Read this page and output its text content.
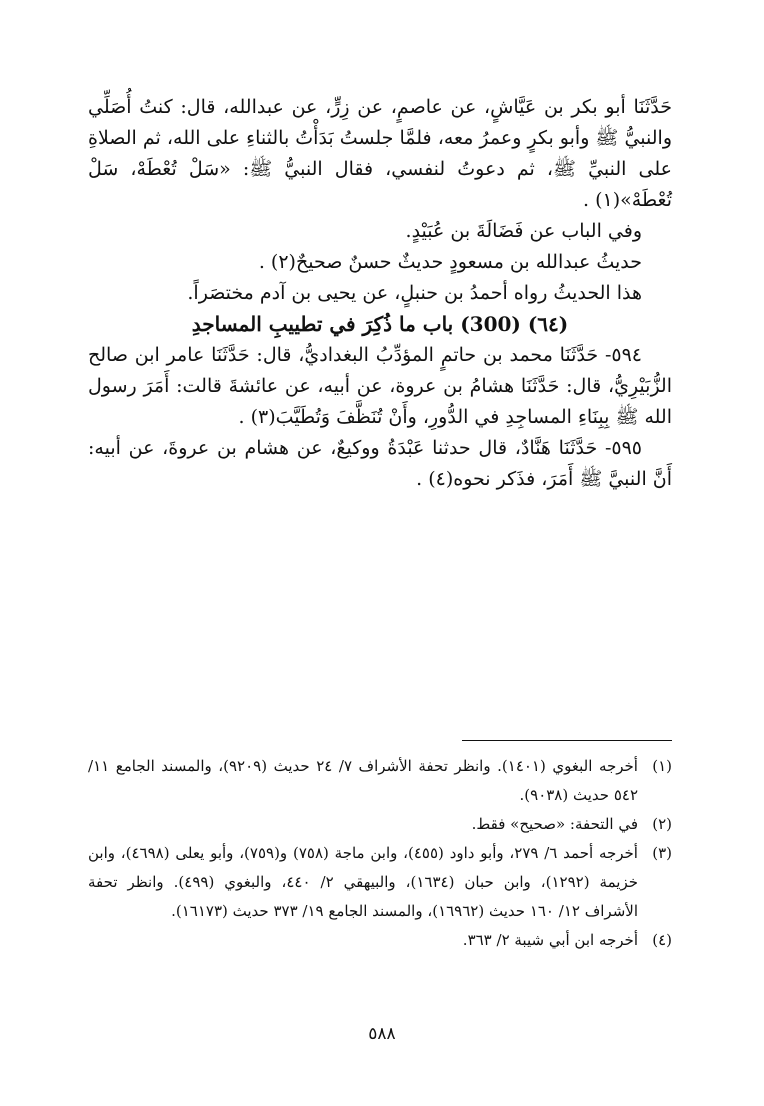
حَدَّثَنَا أبو بكر بن عَيَّاشٍ، عن عاصمٍ، عن زِرٍّ، عن عبدالله، قال: كنتُ أُصَلِّي والنبيُّ ﷺ وأبو بكرٍ وعمرُ معه، فلمَّا جلستُ بَدَأْتُ بالثناءِ على الله، ثم الصلاةِ على النبيِّ ﷺ، ثم دعوتُ لنفسي، فقال النبيُّ ﷺ: «سَلْ تُعْطَهْ، سَلْ تُعْطَهْ»(١) .

وفي الباب عن فَضَالَةَ بن عُبَيْدٍ.

حديثُ عبدالله بن مسعودٍ حديثٌ حسنٌ صحيحٌ(٢) .

هذا الحديثُ رواه أحمدُ بن حنبلٍ، عن يحيى بن آدم مختصَراً.

(٦٤) (300) باب ما ذُكِرَ في تطييبِ المساجدِ

٥٩٤- حَدَّثَنَا محمد بن حاتمٍ المؤدِّبُ البغداديُّ، قال: حَدَّثَنَا عامر ابن صالح الزُّبَيْرِيُّ، قال: حَدَّثَنَا هشامُ بن عروة، عن أبيه، عن عائشةَ قالت: أَمَرَ رسول الله ﷺ بِبِنَاءِ المساجِدِ في الدُّورِ، وأَنْ تُنَظَّفَ وَتُطَيَّبَ(٣) .

٥٩٥- حَدَّثَنَا هَنَّادٌ، قال حدثنا عَبْدَةُ ووكيعٌ، عن هشام بن عروةَ، عن أبيه: أَنَّ النبيَّ ﷺ أَمَرَ، فذَكر نحوه(٤) .

(١)
أخرجه البغوي (١٤٠١). وانظر تحفة الأشراف ٧/ ٢٤ حديث (٩٢٠٩)، والمسند الجامع ١١/ ٥٤٢ حديث (٩٠٣٨).
(٢)
في التحفة: «صحيح» فقط.
(٣)
أخرجه أحمد ٦/ ٢٧٩، وأبو داود (٤٥٥)، وابن ماجة (٧٥٨) و(٧٥٩)، وأبو يعلى (٤٦٩٨)، وابن خزيمة (١٢٩٢)، وابن حبان (١٦٣٤)، والبيهقي ٢/ ٤٤٠، والبغوي (٤٩٩). وانظر تحفة الأشراف ١٢/ ١٦٠ حديث (١٦٩٦٢)، والمسند الجامع ١٩/ ٣٧٣ حديث (١٦١٧٣).
(٤)
أخرجه ابن أبي شيبة ٢/ ٣٦٣.
٥٨٨
